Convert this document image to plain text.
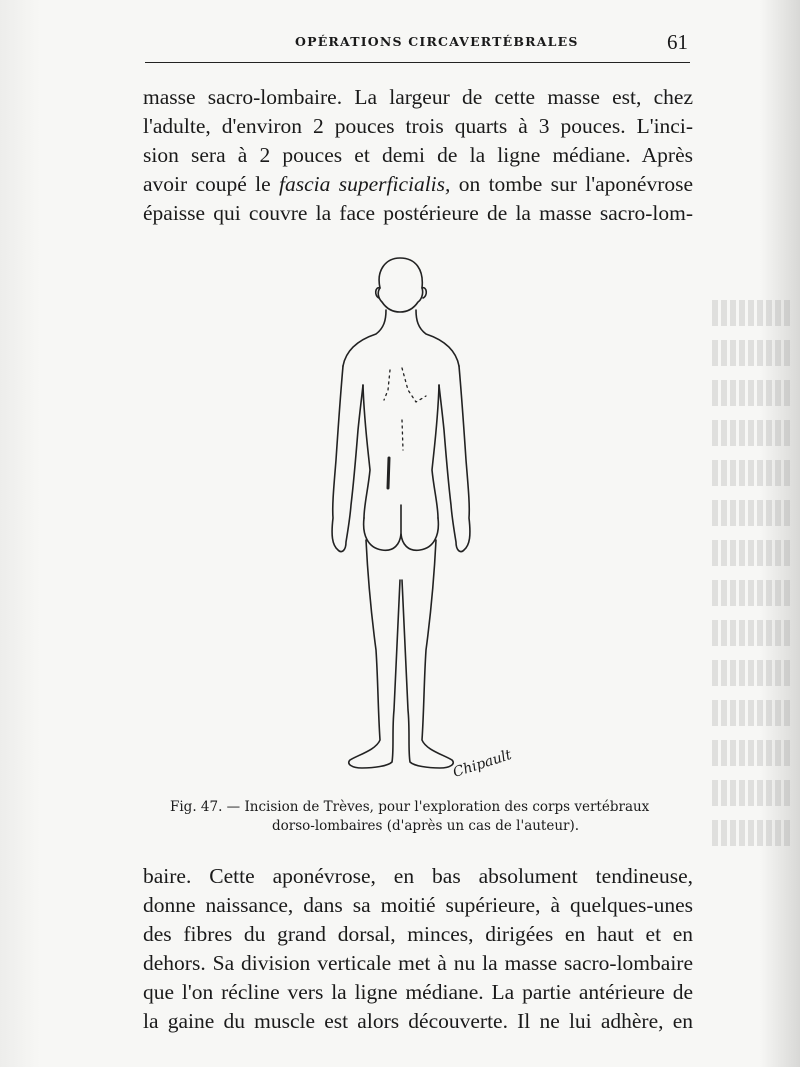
OPÉRATIONS CIRCAVERTÉBRALES	61
masse sacro-lombaire. La largeur de cette masse est, chez
l'adulte, d'environ 2 pouces trois quarts à 3 pouces. L'inci-
sion sera à 2 pouces et demi de la ligne médiane. Après
avoir coupé le fascia superficialis, on tombe sur l'aponévrose
épaisse qui couvre la face postérieure de la masse sacro-lom-
Chipault
Fig. 47. — Incision de Trèves, pour l'exploration des corps vertébraux
dorso-lombaires (d'après un cas de l'auteur).
baire. Cette aponévrose, en bas absolument tendineuse,
donne naissance, dans sa moitié supérieure, à quelques-unes
des fibres du grand dorsal, minces, dirigées en haut et en
dehors. Sa division verticale met à nu la masse sacro-lombaire
que l'on récline vers la ligne médiane. La partie antérieure de
la gaine du muscle est alors découverte. Il ne lui adhère, en
